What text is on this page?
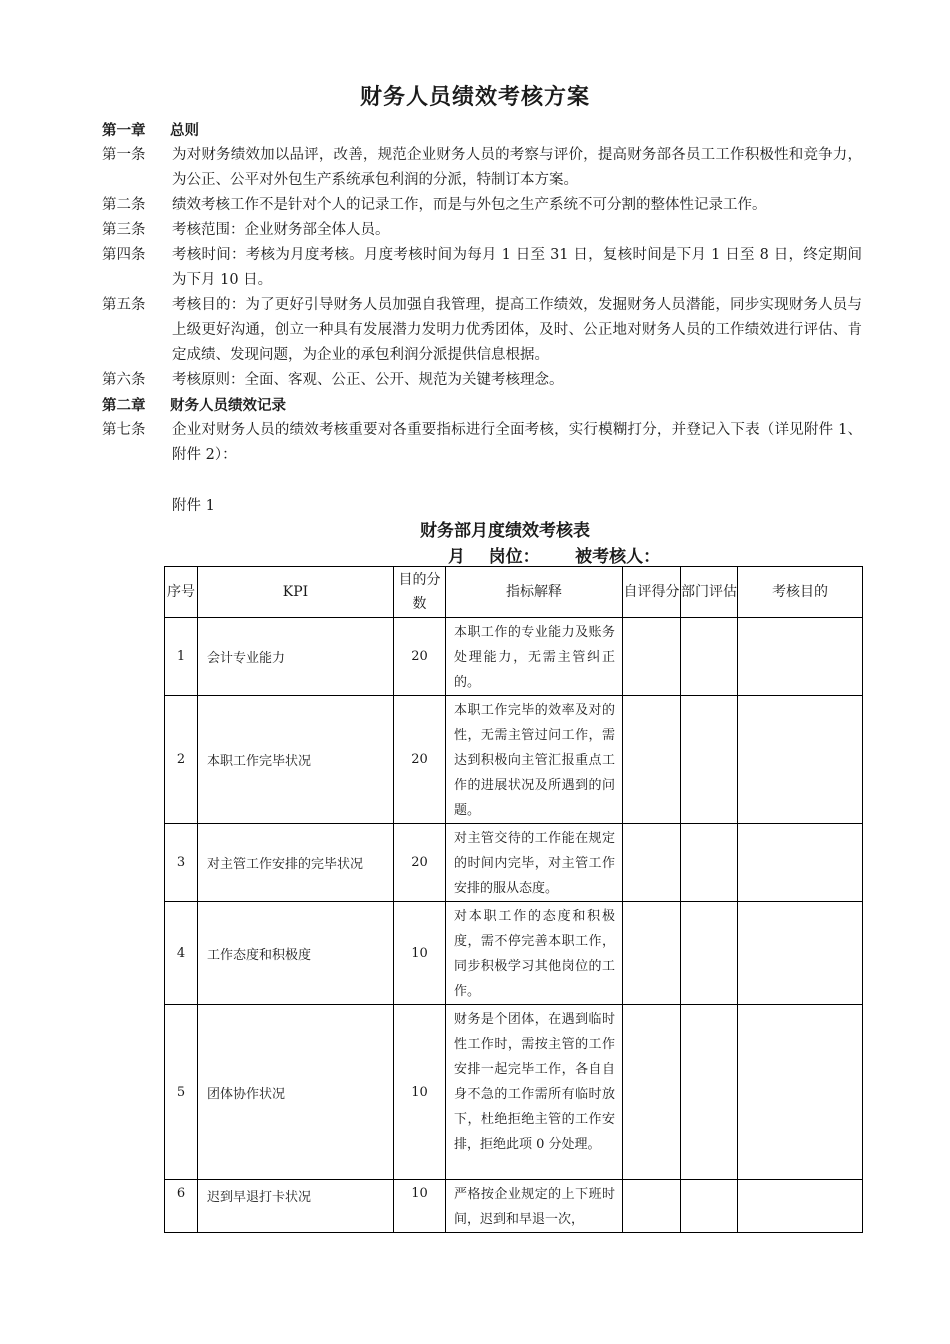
财务人员绩效考核方案
第一章	总则
第一条	为对财务绩效加以品评，改善，规范企业财务人员的考察与评价，提高财务部各员工工作积极性和竞争力，为公正、公平对外包生产系统承包利润的分派，特制订本方案。
第二条	绩效考核工作不是针对个人的记录工作，而是与外包之生产系统不可分割的整体性记录工作。
第三条	考核范围：企业财务部全体人员。
第四条	考核时间：考核为月度考核。月度考核时间为每月 1 日至 31 日，复核时间是下月 1 日至 8 日，终定期间为下月 10 日。
第五条	考核目的：为了更好引导财务人员加强自我管理，提高工作绩效，发掘财务人员潜能，同步实现财务人员与上级更好沟通，创立一种具有发展潜力发明力优秀团体，及时、公正地对财务人员的工作绩效进行评估、肯定成绩、发现问题，为企业的承包利润分派提供信息根据。
第六条	考核原则：全面、客观、公正、公开、规范为关键考核理念。
第二章	财务人员绩效记录
第七条	企业对财务人员的绩效考核重要对各重要指标进行全面考核，实行模糊打分，并登记入下表（详见附件 1、附件 2）：
附件 1
财务部月度绩效考核表
月    岗位：      被考核人：
序号	KPI	目的分数	指标解释	自评得分	部门评估	考核目的
1	会计专业能力	20	本职工作的专业能力及账务处理能力，无需主管纠正的。			
2	本职工作完毕状况	20	本职工作完毕的效率及对的性，无需主管过问工作，需达到积极向主管汇报重点工作的进展状况及所遇到的问题。			
3	对主管工作安排的完毕状况	20	对主管交待的工作能在规定的时间内完毕，对主管工作安排的服从态度。			
4	工作态度和积极度	10	对本职工作的态度和积极度，需不停完善本职工作，同步积极学习其他岗位的工作。			
5	团体协作状况	10	财务是个团体，在遇到临时性工作时，需按主管的工作安排一起完毕工作，各自自身不急的工作需所有临时放下，杜绝拒绝主管的工作安排，拒绝此项 0 分处理。			
6	迟到早退打卡状况	10	严格按企业规定的上下班时间，迟到和早退一次，			
